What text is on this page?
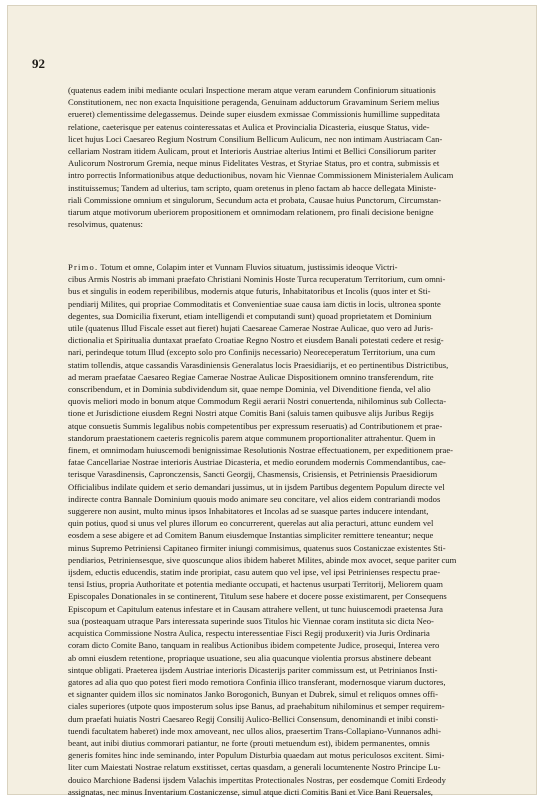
92
(quatenus eadem inibi mediante oculari Inspectione meram atque veram earundem Confiniorum situationis
Constitutionem, nec non exacta Inquisitione peragenda, Genuinam adductorum Gravaminum Seriem melius
erueret) clementissime delegassemus. Deinde super eiusdem exmissae Commissionis humillime suppeditata
relatione, caeterisque per eatenus cointeressatas et Aulica et Provincialia Dicasteria, eiusque Status, vide-
licet hujus Loci Caesareo Regium Nostrum Consilium Bellicum Aulicum, nec non intimam Austriacam Can-
cellariam Nostram itidem Aulicam, prout et Interioris Austriae alterius Intimi et Bellici Consiliorum pariter
Aulicorum Nostrorum Gremia, neque minus Fidelitates Vestras, et Styriae Status, pro et contra, submissis et
intro porrectis Informationibus atque deductionibus, novam hic Viennae Commissionem Ministerialem Aulicam
instituissemus; Tandem ad ulterius, tam scripto, quam oretenus in pleno factam ab hacce dellegata Ministe-
riali Commissione omnium et singulorum, Secundum acta et probata, Causae huius Punctorum, Circumstan-
tiarum atque motivorum uberiorem propositionem et omnimodam relationem, pro finali decisione benigne
resolvimus, quatenus:
Primo. Totum et omne, Colapim inter et Vunnam Fluvios situatum, justissimis ideoque Victri-
cibus Armis Nostris ab immani praefato Christiani Nominis Hoste Turca recuperatum Territorium, cum omni-
bus et singulis in eodem reperibilibus, modernis atque futuris, Inhabitatoribus et Incolis (quos inter et Sti-
pendiarij Milites, qui propriae Commoditatis et Convenientiae suae causa iam dictis in locis, ultronea sponte
degentes, sua Domicilia fixerunt, etiam intelligendi et computandi sunt) quoad proprietatem et Dominium
utile (quatenus Illud Fiscale esset aut fieret) hujati Caesareae Camerae Nostrae Aulicae, quo vero ad Juris-
dictionalia et Spiritualia duntaxat praefato Croatiae Regno Nostro et eiusdem Banali potestati cedere et resig-
nari, perindeque totum Illud (excepto solo pro Confinijs necessario) Neoreceperatum Territorium, una cum
statim tollendis, atque cassandis Varasdiniensis Generalatus locis Praesidiarijs, et eo pertinentibus Districtibus,
ad meram praefatae Caesareo Regiae Camerae Nostrae Aulicae Dispositionem omnino transferendum, rite
conscribendum, et in Dominia subdividendum sit, quae nempe Dominia, vel Divenditione fienda, vel alio
quovis meliori modo in bonum atque Commodum Regii aerarii Nostri conuertenda, nihilominus sub Collecta-
tione et Jurisdictione eiusdem Regni Nostri atque Comitis Bani (saluis tamen quibusve alijs Juribus Regijs
atque consuetis Summis legalibus nobis competentibus per expressum reseruatis) ad Contributionem et prae-
standorum praestationem caeteris regnicolis parem atque communem proportionaliter attrahentur. Quem in
finem, et omnimodam huiuscemodi benignissimae Resolutionis Nostrae effectuationem, per expeditionem prae-
fatae Cancellariae Nostrae interioris Austriae Dicasteria, et medio eorundem modernis Commendantibus, cae-
terisque Varasdinensis, Capronczensis, Sancti Georgij, Chasmensis, Crisiensis, et Petriniensis Praesidiorum
Officialibus indilate quidem et serio demandari jussimus, ut in ijsdem Partibus degentem Populum directe vel
indirecte contra Bannale Dominium quouis modo animare seu concitare, vel alios eidem contrariandi modos
suggerere non ausint, multo minus ipsos Inhabitatores et Incolas ad se suasque partes inducere intendant,
quin potius, quod si unus vel plures illorum eo concurrerent, querelas aut alia peracturi, attunc eundem vel
eosdem a sese abigere et ad Comitem Banum eiusdemque Instantias simpliciter remittere teneantur; neque
minus Supremo Petriniensi Capitaneo firmiter iniungi commisimus, quatenus suos Costaniczae existentes Sti-
pendiarios, Petriniensesque, sive quoscunque alios ibidem haberet Milites, abinde mox avocet, seque pariter cum
ijsdem, eductis educendis, statim inde proripiat, casu autem quo vel ipse, vel ipsi Petrinienses respectu prae-
tensi Istius, propria Authoritate et potentia mediante occupati, et hactenus usurpati Territorij, Meliorem quam
Episcopales Donationales in se continerent, Titulum sese habere et docere posse existimarent, per Consequens
Episcopum et Capitulum eatenus infestare et in Causam attrahere vellent, ut tunc huiuscemodi praetensa Jura
sua (posteaquam utraque Pars interessata superinde suos Titulos hic Viennae coram instituta sic dicta Neo-
acquistica Commissione Nostra Aulica, respectu interessentiae Fisci Regij produxerit) via Juris Ordinaria
coram dicto Comite Bano, tanquam in realibus Actionibus ibidem competente Judice, prosequi, Interea vero
ab omni eiusdem retentione, propriaque usuatione, seu alia quacunque violentia prorsus abstinere debeant
sintque obligati. Praeterea ijsdem Austriae interioris Dicasterijs pariter commissum est, ut Petrinianos Insti-
gatores ad alia quo quo potest fieri modo remotiora Confinia illico transferant, modernosque viarum ductores,
et signanter quidem illos sic nominatos Janko Borogonich, Bunyan et Dubrek, simul et reliquos omnes offi-
ciales superiores (utpote quos imposterum solus ipse Banus, ad praehabitum nihilominus et semper requirem-
dum praefati huiatis Nostri Caesareo Regij Consilij Aulico-Bellici Consensum, denominandi et inibi consti-
tuendi facultatem haberet) inde mox amoveant, nec ullos alios, praesertim Trans-Collapiano-Vunnanos adhi-
beant, aut inibi diutius commorari patiantur, ne forte (prouti metuendum est), ibidem permanentes, omnis
generis fomites hinc inde seminando, inter Populum Disturbia quaedam aut motus periculosos excitent. Simi-
liter cum Maiestati Nostrae relatum exstitisset, certas quasdam, a generali locumtenente Nostro Principe Lu-
douico Marchione Badensi ijsdem Valachis impertitas Protectionales Nostras, per eosdemque Comiti Erdeody
assignatas, nec minus Inventarium Costaniczense, simul atque dicti Comitis Bani et Vice Bani Reuersales,
